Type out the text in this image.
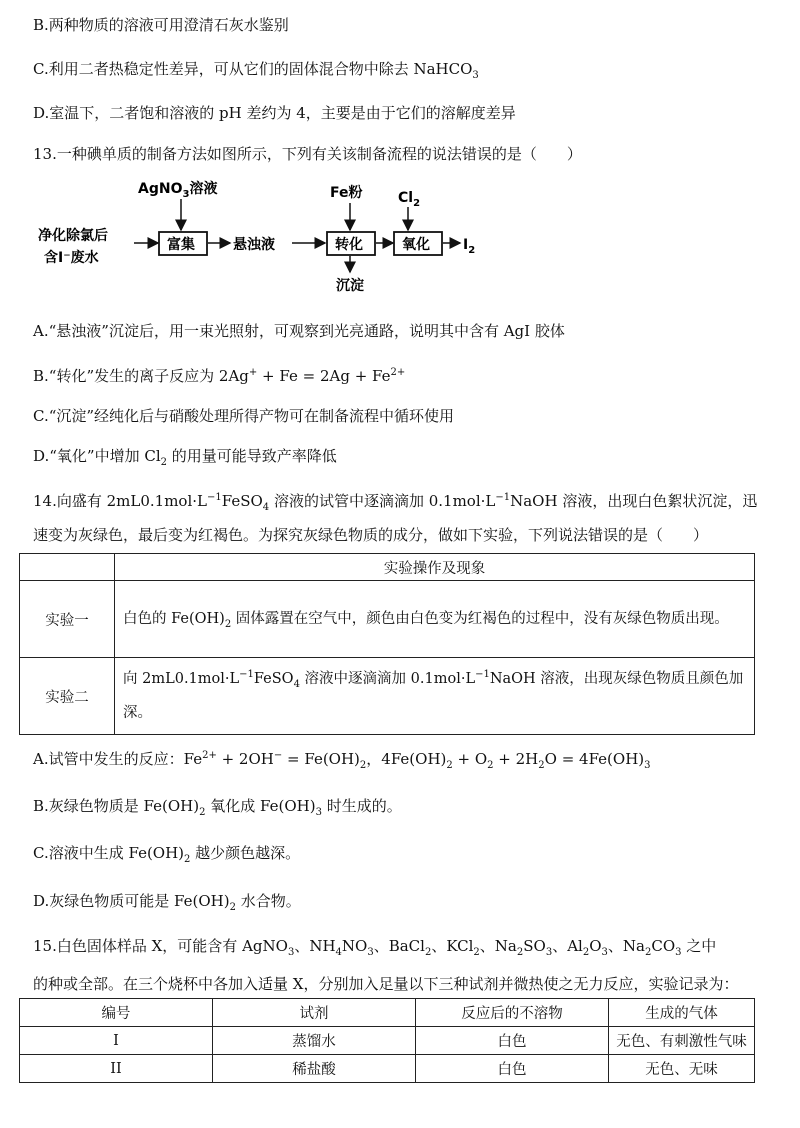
B.两种物质的溶液可用澄清石灰水鉴别
C.利用二者热稳定性差异，可从它们的固体混合物中除去 NaHCO$_3$
D.室温下，二者饱和溶液的 pH 差约为 4，主要是由于它们的溶解度差异
13.一种碘单质的制备方法如图所示，下列有关该制备流程的说法错误的是（　　）
AgNO$_3$溶液
净化除氯后
含I⁻废水
富集	悬浊液
Fe粉
转化
沉淀
$Cl_2$
氧化 $I_2$
A.“悬浊液”沉淀后，用一束光照射，可观察到光亮通路，说明其中含有 AgI 胶体
B.“转化”发生的离子反应为 $2Ag^+ + Fe = 2Ag + Fe^{2+}$
C.“沉淀”经纯化后与硝酸处理所得产物可在制备流程中循环使用
D.“氧化”中增加 $Cl_2$ 的用量可能导致产率降低
14.向盛有 $2mL0.1mol\cdot L^{-1}FeSO_4$ 溶液的试管中逐滴滴加 $0.1mol\cdot L^{-1}NaOH$ 溶液，出现白色絮状沉淀，迅速变为灰绿色，最后变为红褐色。为探究灰绿色物质的成分，做如下实验，下列说法错误的是（　　）
	实验操作及现象
实验一	白色的 $Fe(OH)_2$ 固体露置在空气中，颜色由白色变为红褐色的过程中，没有灰绿色物质出现。
实验二	向 $2mL0.1mol\cdot L^{-1}FeSO_4$ 溶液中逐滴滴加 $0.1mol\cdot L^{-1}NaOH$ 溶液，出现灰绿色物质且颜色加深。
A.试管中发生的反应：$Fe^{2+} + 2OH^- = Fe(OH)_2$，$4Fe(OH)_2 + O_2 + 2H_2O = 4Fe(OH)_3$
B.灰绿色物质是 $Fe(OH)_2$ 氧化成 $Fe(OH)_3$ 时生成的。
C.溶液中生成 $Fe(OH)_2$ 越少颜色越深。
D.灰绿色物质可能是 $Fe(OH)_2$ 水合物。
15.白色固体样品 X，可能含有 AgNO$_3$、$NH_4NO_3$、BaCl$_2$、KCl$_2$、$Na_2SO_3$、$Al_2O_3$、$Na_2CO_3$ 之中
的种或全部。在三个烧杯中各加入适量 X，分别加入足量以下三种试剂并微热使之无力反应，实验记录为：
编号	试剂	反应后的不溶物	生成的气体
I	蒸馏水	白色	无色、有刺激性气味
II	稀盐酸	白色	无色、无味
